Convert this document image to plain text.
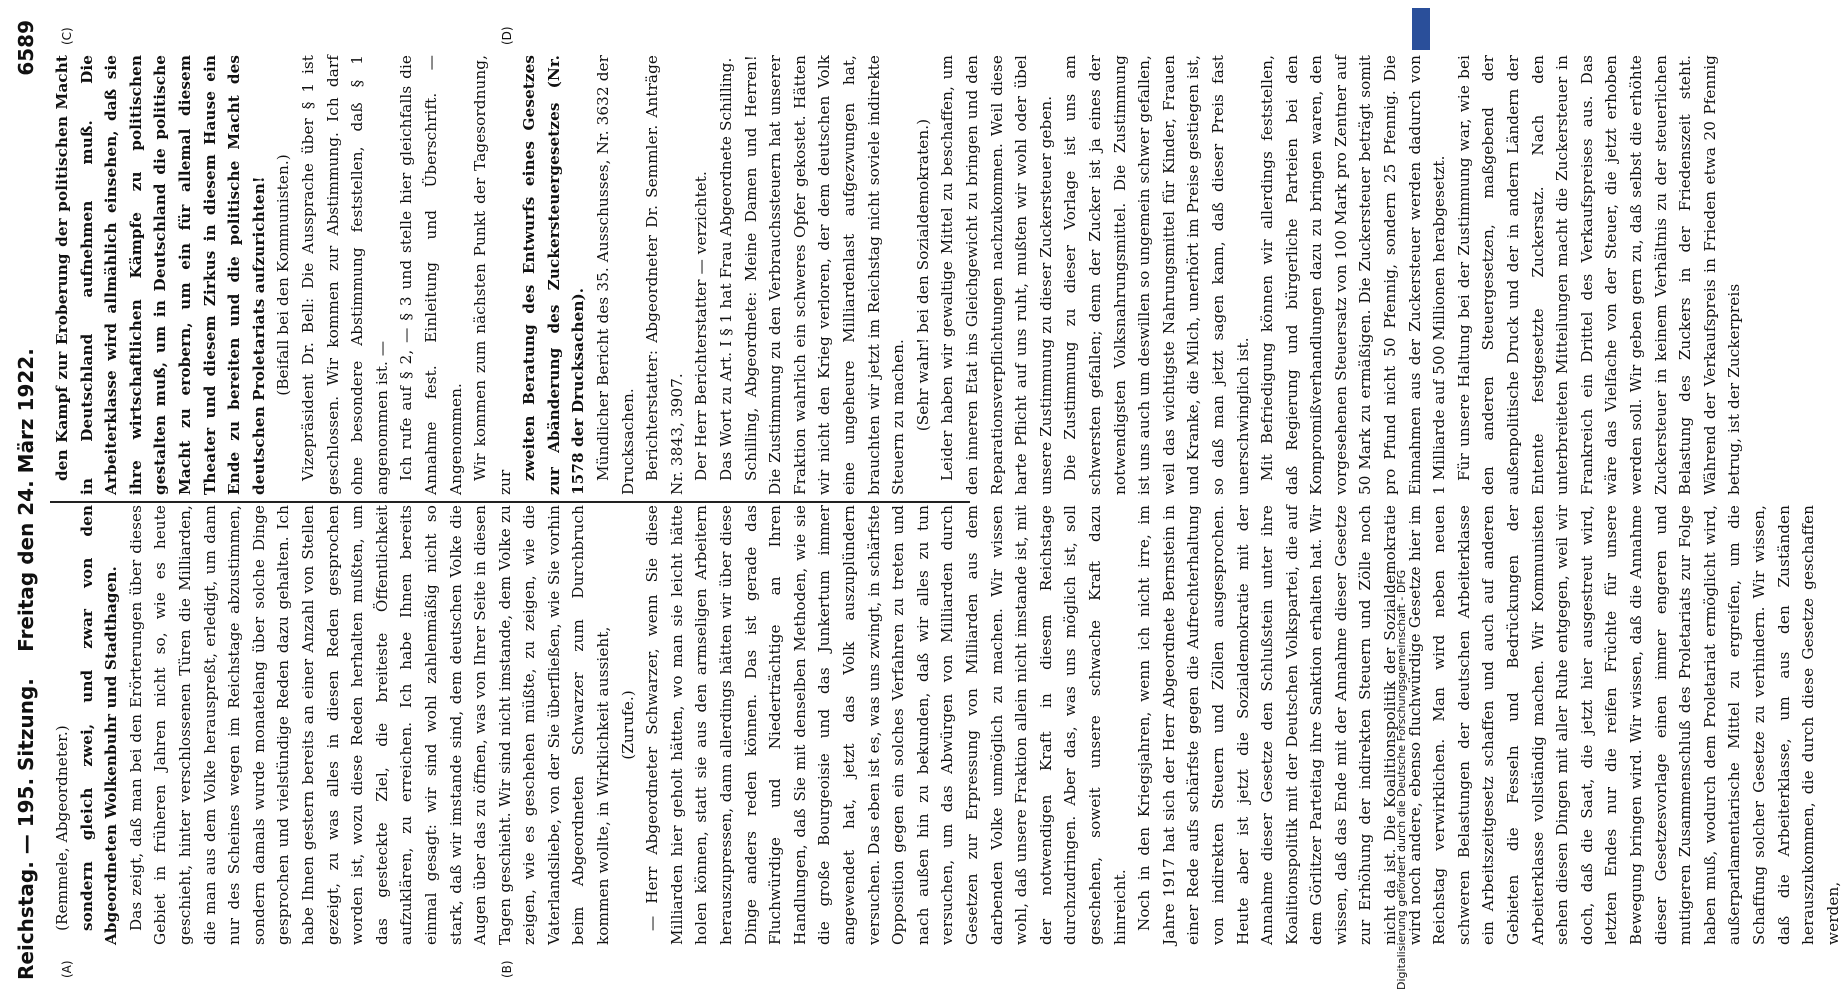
Reichstag. — 195. Sitzung.
Freitag den 24. März 1922.
6589
(A)	(B)
(C)	(D)

(Remmele, Abgeordneter.) sondern gleich zwei, und zwar von den Abgeordneten Wolkenbuhr und Stadthagen. Das zeigt, daß man bei den Erörterungen über dieses Gebiet in früheren Jahren nicht so, wie es heute geschieht, hinter verschlossenen Türen die Milliarden, die man aus dem Volke herauspreßt, erledigt, um dann nur des Scheines wegen im Reichstage abzustimmen, sondern damals wurde monatelang über solche Dinge gesprochen und vielstündige Reden dazu gehalten. Ich habe Ihnen gestern bereits an einer Anzahl von Stellen gezeigt, zu was alles in diesen Reden gesprochen worden ist, wozu diese Reden herhalten mußten, um das gesteckte Ziel, die breiteste Öffentlichkeit aufzuklären, zu erreichen. Ich habe Ihnen bereits einmal gesagt: wir sind wohl zahlenmäßig nicht so stark, daß wir imstande sind, dem deutschen Volke die Augen über das zu öffnen, was von Ihrer Seite in diesen Tagen geschieht. Wir sind nicht imstande, dem Volke zu zeigen, wie es geschehen müßte, zu zeigen, wie die Vaterlandsliebe, von der Sie überfließen, wie Sie vorhin beim Abgeordneten Schwarzer zum Durchbruch kommen wollte, in Wirklichkeit aussieht, (Zurufe.) — Herr Abgeordneter Schwarzer, wenn Sie diese Milliarden hier geholt hätten, wo man sie leicht hätte holen können, statt sie aus den armseligen Arbeitern herauszupressen, dann allerdings hätten wir über diese Dinge anders reden können. Das ist gerade das Fluchwürdige und Niederträchtige an Ihren Handlungen, daß Sie mit denselben Methoden, wie sie die große Bourgeoisie und das Junkertum immer angewendet hat, jetzt das Volk auszuplündern versuchen. Das eben ist es, was uns zwingt, in schärfste Opposition gegen ein solches Verfahren zu treten und nach außen hin zu bekunden, daß wir alles zu tun versuchen, um das Abwürgen von Milliarden durch Gesetzen zur Erpressung von Milliarden aus dem darbenden Volke unmöglich zu machen. Wir wissen wohl, daß unsere Fraktion allein nicht imstande ist, mit der notwendigen Kraft in diesem Reichstage durchzudringen. Aber das, was uns möglich ist, soll geschehen, soweit unsere schwache Kraft dazu hinreicht. Noch in den Kriegsjahren, wenn ich nicht irre, im Jahre 1917 hat sich der Herr Abgeordnete Bernstein in einer Rede aufs schärfste gegen die Aufrechterhaltung von indirekten Steuern und Zöllen ausgesprochen. Heute aber ist jetzt die Sozialdemokratie mit der Annahme dieser Gesetze den Schlußstein unter ihre Koalitionspolitik mit der Deutschen Volkspartei, die auf dem Görlitzer Parteitag ihre Sanktion erhalten hat. Wir wissen, daß das Ende mit der Annahme dieser Gesetze zur Erhöhung der indirekten Steuern und Zölle noch nicht da ist. Die Koalitionspolitik der Sozialdemokratie wird noch andere, ebenso fluchwürdige Gesetze hier im Reichstag verwirklichen. Man wird neben neuen schweren Belastungen der deutschen Arbeiterklasse ein Arbeitszeitgesetz schaffen und auch auf anderen Gebieten die Fesseln und Bedrückungen der Arbeiterklasse vollständig machen. Wir Kommunisten sehen diesen Dingen mit aller Ruhe entgegen, weil wir doch, daß die Saat, die jetzt hier ausgestreut wird, letzten Endes nur die reifen Früchte für unsere Bewegung bringen wird. Wir wissen, daß die Annahme dieser Gesetzesvorlage einen immer engeren und mutigeren Zusammenschluß des Proletariats zur Folge haben muß, wodurch dem Proletariat ermöglicht wird, außerparlamentarische Mittel zu ergreifen, um die Schaffung solcher Gesetze zu verhindern. Wir wissen, daß die Arbeiterklasse, um aus den Zuständen herauszukommen, die durch diese Gesetze geschaffen werden,

den Kampf zur Eroberung der politischen Macht in Deutschland aufnehmen muß. Die Arbeiterklasse wird allmählich einsehen, daß sie ihre wirtschaftlichen Kämpfe zu politischen gestalten muß, um in Deutschland die politische Macht zu erobern, um ein für allemal diesem Theater und diesem Zirkus in diesem Hause ein Ende zu bereiten und die politische Macht des deutschen Proletariats aufzurichten! (Beifall bei den Kommunisten.) Vizepräsident Dr. Bell: Die Aussprache über § 1 ist geschlossen. Wir kommen zur Abstimmung. Ich darf ohne besondere Abstimmung feststellen, daß § 1 angenommen ist. — Ich rufe auf § 2, — § 3 und stelle hier gleichfalls die Annahme fest. Einleitung und Überschrift. — Angenommen. Wir kommen zum nächsten Punkt der Tagesordnung, zur

zweiten Beratung des Entwurfs eines Gesetzes zur Abänderung des Zuckersteuergesetzes (Nr. 1578 der Drucksachen). Mündlicher Bericht des 35. Ausschusses, Nr. 3632 der Drucksachen. Berichterstatter: Abgeordneter Dr. Semmler. Anträge Nr. 3843, 3907. Der Herr Berichterstatter — verzichtet. Das Wort zu Art. I § 1 hat Frau Abgeordnete Schilling. Schilling, Abgeordnete: Meine Damen und Herren! Die Zustimmung zu den Verbrauchssteuern hat unserer Fraktion wahrlich ein schweres Opfer gekostet. Hätten wir nicht den Krieg verloren, der dem deutschen Volk eine ungeheure Milliardenlast aufgezwungen hat, brauchten wir jetzt im Reichstag nicht soviele indirekte Steuern zu machen. (Sehr wahr! bei den Sozialdemokraten.) Leider haben wir gewaltige Mittel zu beschaffen, um den inneren Etat ins Gleichgewicht zu bringen und den Reparationsverpflichtungen nachzukommen. Weil diese harte Pflicht auf uns ruht, mußten wir wohl oder übel unsere Zustimmung zu dieser Zuckersteuer geben. Die Zustimmung zu dieser Vorlage ist uns am schwersten gefallen; denn der Zucker ist ja eines der notwendigsten Volksnahrungsmittel. Die Zustimmung ist uns auch um deswillen so ungemein schwer gefallen, weil das wichtigste Nahrungsmittel für Kinder, Frauen und Kranke, die Milch, unerhört im Preise gestiegen ist, so daß man jetzt sagen kann, daß dieser Preis fast unerschwinglich ist. Mit Befriedigung können wir allerdings feststellen, daß Regierung und bürgerliche Parteien bei den Kompromißverhandlungen dazu zu bringen waren, den vorgesehenen Steuersatz von 100 Mark pro Zentner auf 50 Mark zu ermäßigen. Die Zuckersteuer beträgt somit pro Pfund nicht 50 Pfennig, sondern 25 Pfennig. Die Einnahmen aus der Zuckersteuer werden dadurch von 1 Milliarde auf 500 Millionen herabgesetzt. Für unsere Haltung bei der Zustimmung war, wie bei den anderen Steuergesetzen, maßgebend der außenpolitische Druck und der in andern Ländern der Entente festgesetzte Zuckersatz. Nach den unterbreiteten Mitteilungen macht die Zuckersteuer in Frankreich ein Drittel des Verkaufspreises aus. Das wäre das Vielfache von der Steuer, die jetzt erhoben werden soll. Wir geben gern zu, daß selbst die erhöhte Zuckersteuer in keinem Verhältnis zu der steuerlichen Belastung des Zuckers in der Friedenszeit steht. Während der Verkaufspreis in Frieden etwa 20 Pfennig betrug, ist der Zuckerpreis

Digitalisierung gefördert durch die Deutsche Forschungsgemeinschaft - DFG
